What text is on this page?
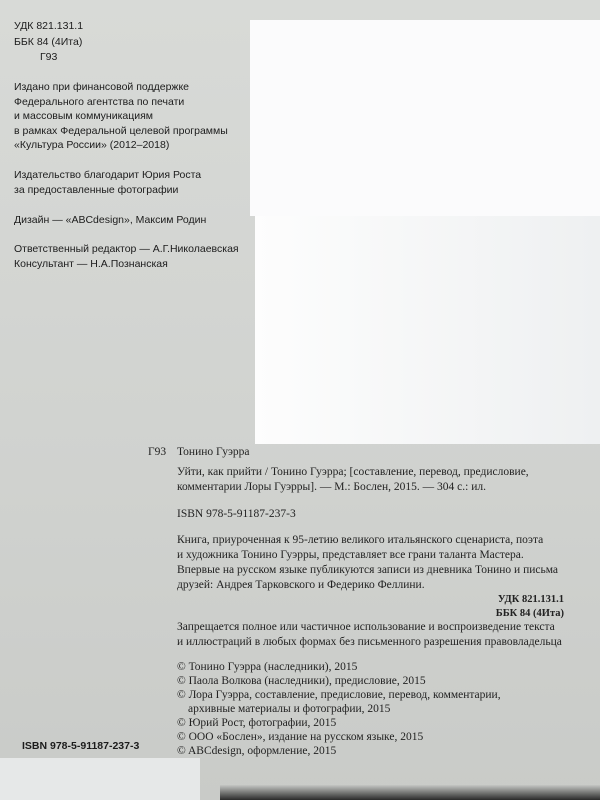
УДК 821.131.1
ББК 84 (4Ита)
Г93
Издано при финансовой поддержке
Федерального агентства по печати
и массовым коммуникациям
в рамках Федеральной целевой программы
«Культура России» (2012–2018)
Издательство благодарит Юрия Роста
за предоставленные фотографии
Дизайн — «ABCdesign», Максим Родин
Ответственный редактор — А.Г.Николаевская
Консультант — Н.А.Познанская
ISBN 978-5-91187-237-3
Г93 Тонино Гуэрра
Уйти, как прийти / Тонино Гуэрра; [составление, перевод, предисловие,
комментарии Лоры Гуэрры]. — М.: Бослен, 2015. — 304 с.: ил.
ISBN 978-5-91187-237-3
Книга, приуроченная к 95-летию великого итальянского сценариста, поэта
и художника Тонино Гуэрры, представляет все грани таланта Мастера.
Впервые на русском языке публикуются записи из дневника Тонино и письма
друзей: Андрея Тарковского и Федерико Феллини.
УДК 821.131.1
ББК 84 (4Ита)
Запрещается полное или частичное использование и воспроизведение текста
и иллюстраций в любых формах без письменного разрешения правовладельца
© Тонино Гуэрра (наследники), 2015
© Паола Волкова (наследники), предисловие, 2015
© Лора Гуэрра, составление, предисловие, перевод, комментарии,
архивные материалы и фотографии, 2015
© Юрий Рост, фотографии, 2015
© ООО «Бослен», издание на русском языке, 2015
© ABCdesign, оформление, 2015
